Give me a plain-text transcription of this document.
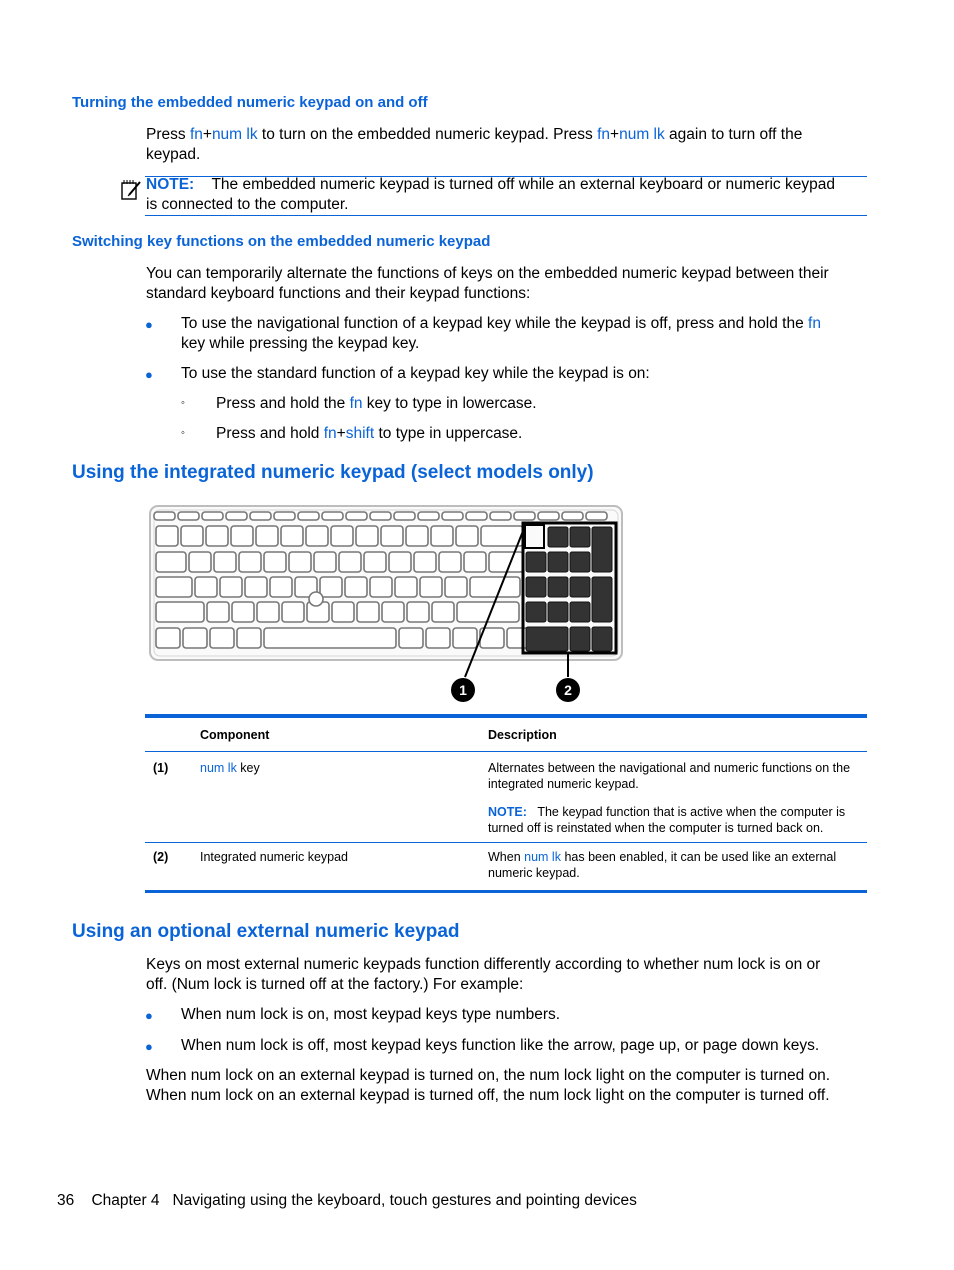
Turning the embedded numeric keypad on and off
Press fn+num lk to turn on the embedded numeric keypad. Press fn+num lk again to turn off the
keypad.
NOTE: The embedded numeric keypad is turned off while an external keyboard or numeric keypad
is connected to the computer.
Switching key functions on the embedded numeric keypad
You can temporarily alternate the functions of keys on the embedded numeric keypad between their
standard keyboard functions and their keypad functions:
● To use the navigational function of a keypad key while the keypad is off, press and hold the fn
key while pressing the keypad key.
● To use the standard function of a keypad key while the keypad is on:
◦ Press and hold the fn key to type in lowercase.
◦ Press and hold fn+shift to type in uppercase.
Using the integrated numeric keypad (select models only)
1	2
	Component	Description
(1)	num lk key	Alternates between the navigational and numeric functions on the
integrated numeric keypad.
NOTE: The keypad function that is active when the computer is
turned off is reinstated when the computer is turned back on.

(2)	Integrated numeric keypad	When num lk has been enabled, it can be used like an external
numeric keypad.
Using an optional external numeric keypad
Keys on most external numeric keypads function differently according to whether num lock is on or
off. (Num lock is turned off at the factory.) For example:
● When num lock is on, most keypad keys type numbers.
● When num lock is off, most keypad keys function like the arrow, page up, or page down keys.
When num lock on an external keypad is turned on, the num lock light on the computer is turned on.
When num lock on an external keypad is turned off, the num lock light on the computer is turned off.
36 Chapter 4 Navigating using the keyboard, touch gestures and pointing devices
